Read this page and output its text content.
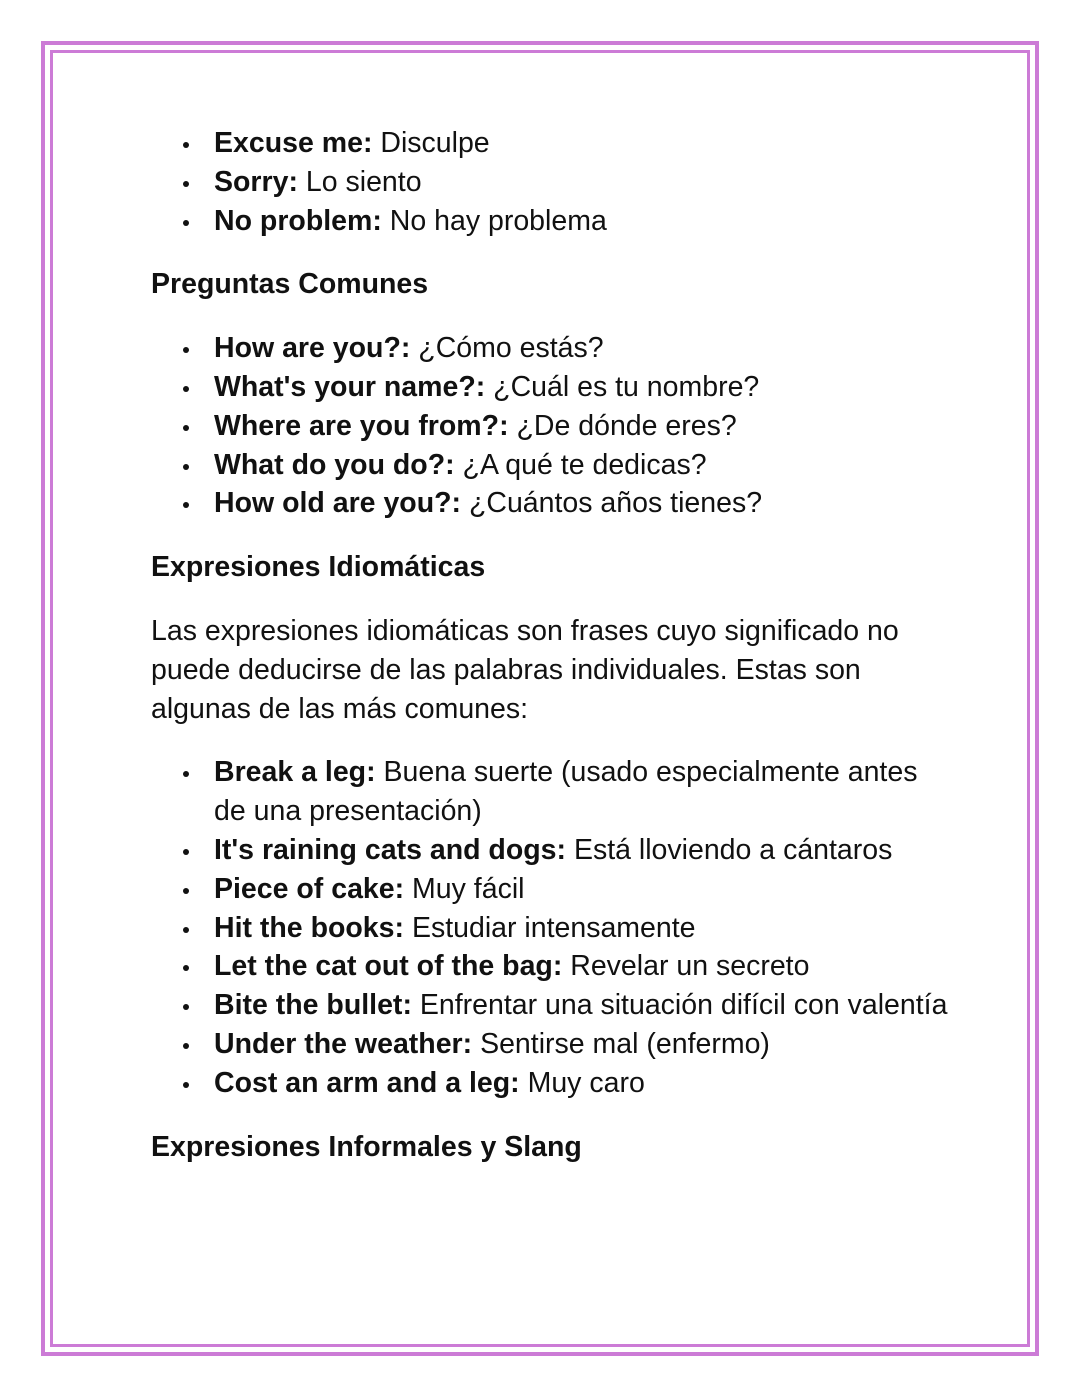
Excuse me: Disculpe
Sorry: Lo siento
No problem: No hay problema
Preguntas Comunes
How are you?: ¿Cómo estás?
What's your name?: ¿Cuál es tu nombre?
Where are you from?: ¿De dónde eres?
What do you do?: ¿A qué te dedicas?
How old are you?: ¿Cuántos años tienes?
Expresiones Idiomáticas

Las expresiones idiomáticas son frases cuyo significado no puede deducirse de las palabras individuales. Estas son algunas de las más comunes:

Break a leg: Buena suerte (usado especialmente antes de una presentación)
It's raining cats and dogs: Está lloviendo a cántaros
Piece of cake: Muy fácil
Hit the books: Estudiar intensamente
Let the cat out of the bag: Revelar un secreto
Bite the bullet: Enfrentar una situación difícil con valentía
Under the weather: Sentirse mal (enfermo)
Cost an arm and a leg: Muy caro
Expresiones Informales y Slang
